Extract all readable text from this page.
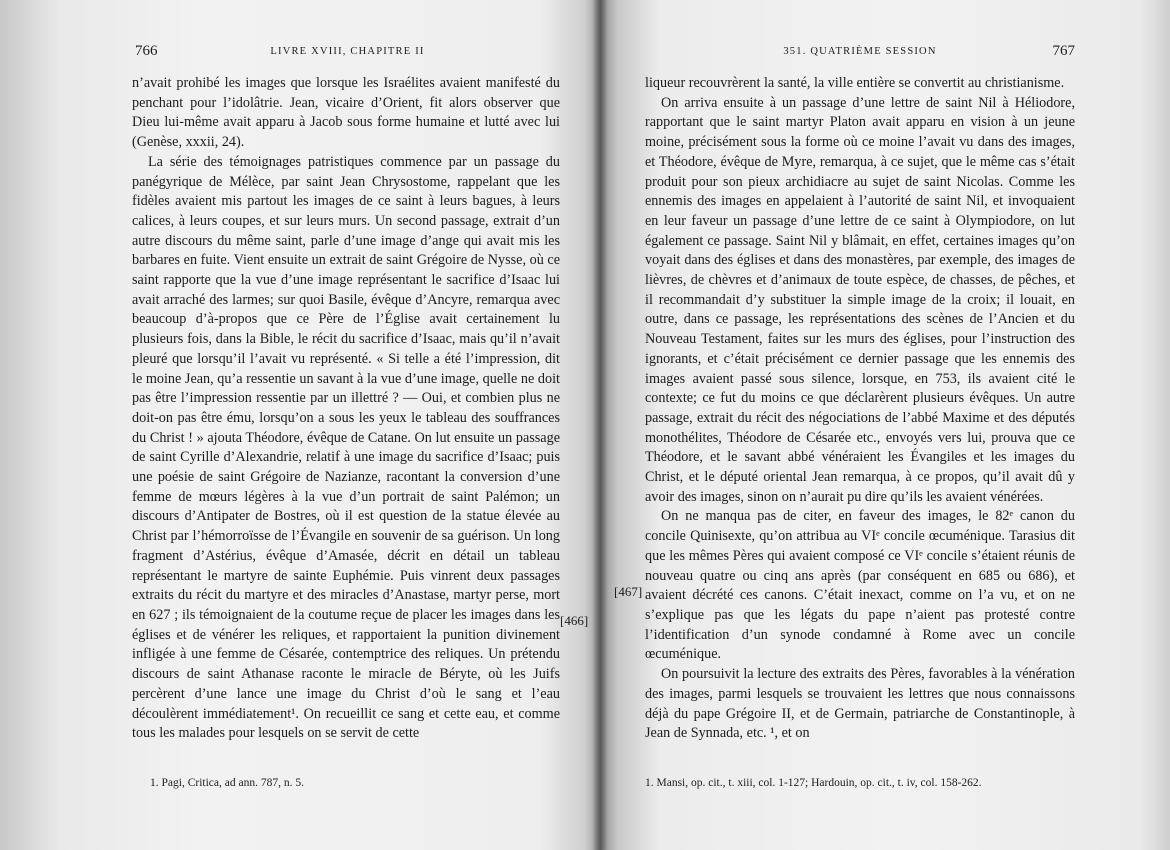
766	LIVRE XVIII, CHAPITRE II

n’avait prohibé les images que lorsque les Israélites avaient manifesté du penchant pour l’idolâtrie. Jean, vicaire d’Orient, fit alors observer que Dieu lui-même avait apparu à Jacob sous forme humaine et lutté avec lui (Genèse, xxxii, 24).

La série des témoignages patristiques commence par un passage du panégyrique de Mélèce, par saint Jean Chrysostome, rappelant que les fidèles avaient mis partout les images de ce saint à leurs bagues, à leurs calices, à leurs coupes, et sur leurs murs. Un second passage, extrait d’un autre discours du même saint, parle d’une image d’ange qui avait mis les barbares en fuite. Vient ensuite un extrait de saint Grégoire de Nysse, où ce saint rapporte que la vue d’une image représentant le sacrifice d’Isaac lui avait arraché des larmes; sur quoi Basile, évêque d’Ancyre, remarqua avec beaucoup d’à-propos que ce Père de l’Église avait certainement lu plusieurs fois, dans la Bible, le récit du sacrifice d’Isaac, mais qu’il n’avait pleuré que lorsqu’il l’avait vu représenté. « Si telle a été l’impression, dit le moine Jean, qu’a ressentie un savant à la vue d’une image, quelle ne doit pas être l’impression ressentie par un illettré ? — Oui, et combien plus ne doit-on pas être ému, lorsqu’on a sous les yeux le tableau des souffrances du Christ ! » ajouta Théodore, évêque de Catane. On lut ensuite un passage de saint Cyrille d’Alexandrie, relatif à une image du sacrifice d’Isaac; puis une poésie de saint Grégoire de Nazianze, racontant la conversion d’une femme de mœurs légères à la vue d’un portrait de saint Palémon; un discours d’Antipater de Bostres, où il est question de la statue élevée au Christ par l’hémorroïsse de l’Évangile en souvenir de sa guérison. Un long fragment d’Astérius, évêque d’Amasée, décrit en détail un tableau représentant le martyre de sainte Euphémie. Puis vinrent deux passages extraits du récit du martyre et des miracles d’Anastase, martyr perse, mort en 627 ; ils témoignaient de la coutume reçue de placer les images dans les églises et de vénérer les reliques, et rapportaient la punition divinement infligée à une femme de Césarée, contemptrice des reliques. Un prétendu discours de saint Athanase raconte le miracle de Béryte, où les Juifs percèrent d’une lance une image du Christ d’où le sang et l’eau découlèrent immédiatement¹. On recueillit ce sang et cette eau, et comme tous les malades pour lesquels on se servit de cette

[466]
1. Pagi, Critica, ad ann. 787, n. 5.
351. QUATRIÈME SESSION	767

liqueur recouvrèrent la santé, la ville entière se convertit au christianisme.

On arriva ensuite à un passage d’une lettre de saint Nil à Héliodore, rapportant que le saint martyr Platon avait apparu en vision à un jeune moine, précisément sous la forme où ce moine l’avait vu dans des images, et Théodore, évêque de Myre, remarqua, à ce sujet, que le même cas s’était produit pour son pieux archidiacre au sujet de saint Nicolas. Comme les ennemis des images en appelaient à l’autorité de saint Nil, et invoquaient en leur faveur un passage d’une lettre de ce saint à Olympiodore, on lut également ce passage. Saint Nil y blâmait, en effet, certaines images qu’on voyait dans des églises et dans des monastères, par exemple, des images de lièvres, de chèvres et d’animaux de toute espèce, de chasses, de pêches, et il recommandait d’y substituer la simple image de la croix; il louait, en outre, dans ce passage, les représentations des scènes de l’Ancien et du Nouveau Testament, faites sur les murs des églises, pour l’instruction des ignorants, et c’était précisément ce dernier passage que les ennemis des images avaient passé sous silence, lorsque, en 753, ils avaient cité le contexte; ce fut du moins ce que déclarèrent plusieurs évêques. Un autre passage, extrait du récit des négociations de l’abbé Maxime et des députés monothélites, Théodore de Césarée etc., envoyés vers lui, prouva que ce Théodore, et le savant abbé vénéraient les Évangiles et les images du Christ, et le député oriental Jean remarqua, à ce propos, qu’il avait dû y avoir des images, sinon on n’aurait pu dire qu’ils les avaient vénérées.

On ne manqua pas de citer, en faveur des images, le 82ᵉ canon du concile Quinisexte, qu’on attribua au VIᵉ concile œcuménique. Tarasius dit que les mêmes Pères qui avaient composé ce VIᵉ concile s’étaient réunis de nouveau quatre ou cinq ans après (par conséquent en 685 ou 686), et avaient décrété ces canons. C’était inexact, comme on l’a vu, et on ne s’explique pas que les légats du pape n’aient pas protesté contre l’identification d’un synode condamné à Rome avec un concile œcuménique.

On poursuivit la lecture des extraits des Pères, favorables à la vénération des images, parmi lesquels se trouvaient les lettres que nous connaissons déjà du pape Grégoire II, et de Germain, patriarche de Constantinople, à Jean de Synnada, etc. ¹, et on

[467]
1. Mansi, op. cit., t. xiii, col. 1-127; Hardouin, op. cit., t. iv, col. 158-262.
